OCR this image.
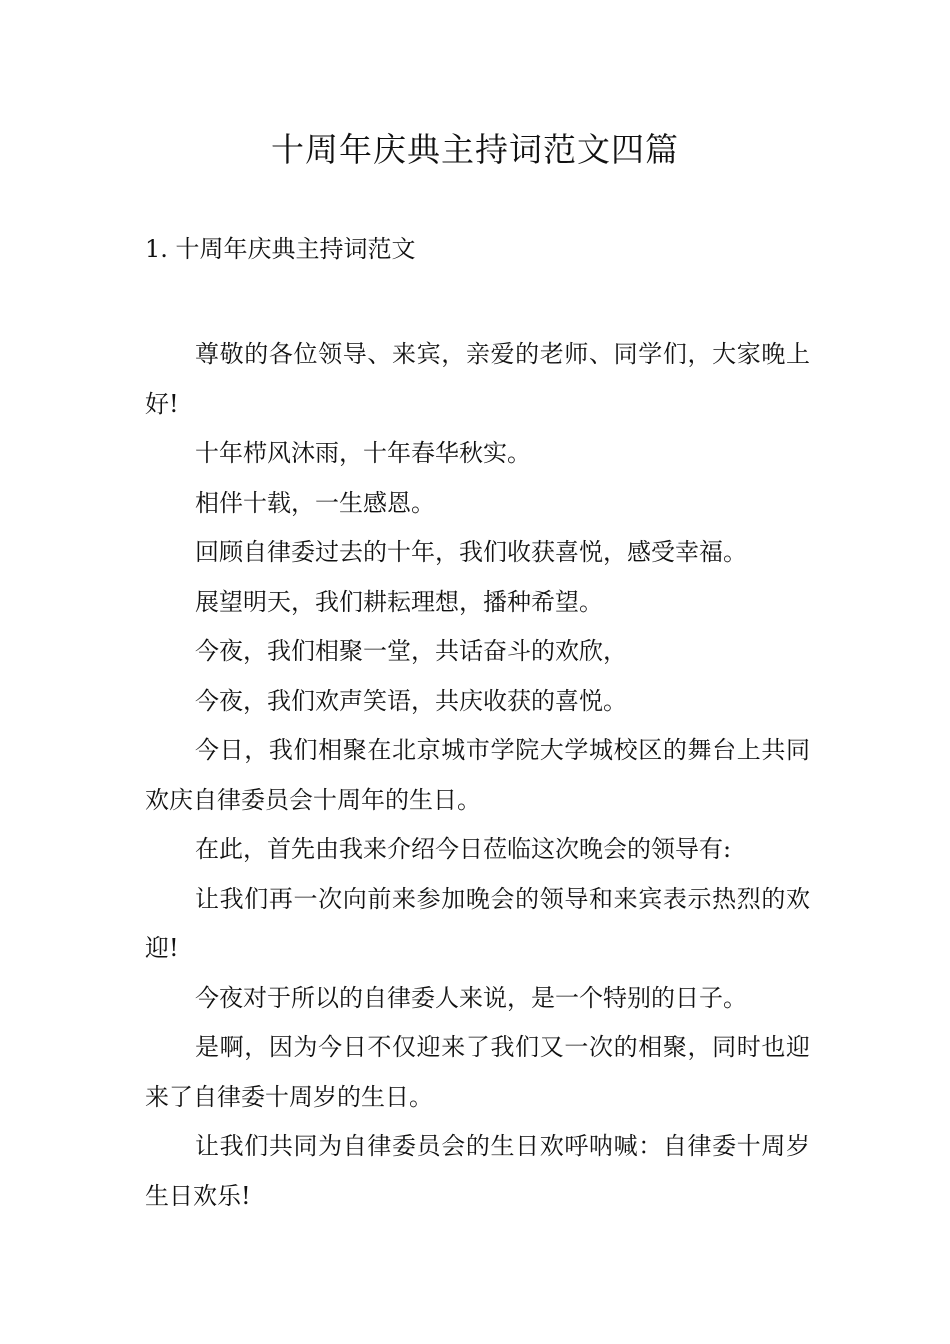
十周年庆典主持词范文四篇
1. 十周年庆典主持词范文

尊敬的各位领导、来宾，亲爱的老师、同学们，大家晚上好!

十年栉风沐雨，十年春华秋实。

相伴十载，一生感恩。

回顾自律委过去的十年，我们收获喜悦，感受幸福。

展望明天，我们耕耘理想，播种希望。

今夜，我们相聚一堂，共话奋斗的欢欣，

今夜，我们欢声笑语，共庆收获的喜悦。

今日，我们相聚在北京城市学院大学城校区的舞台上共同欢庆自律委员会十周年的生日。

在此，首先由我来介绍今日莅临这次晚会的领导有:

让我们再一次向前来参加晚会的领导和来宾表示热烈的欢迎!

今夜对于所以的自律委人来说，是一个特别的日子。

是啊，因为今日不仅迎来了我们又一次的相聚，同时也迎来了自律委十周岁的生日。

让我们共同为自律委员会的生日欢呼呐喊：自律委十周岁生日欢乐!
